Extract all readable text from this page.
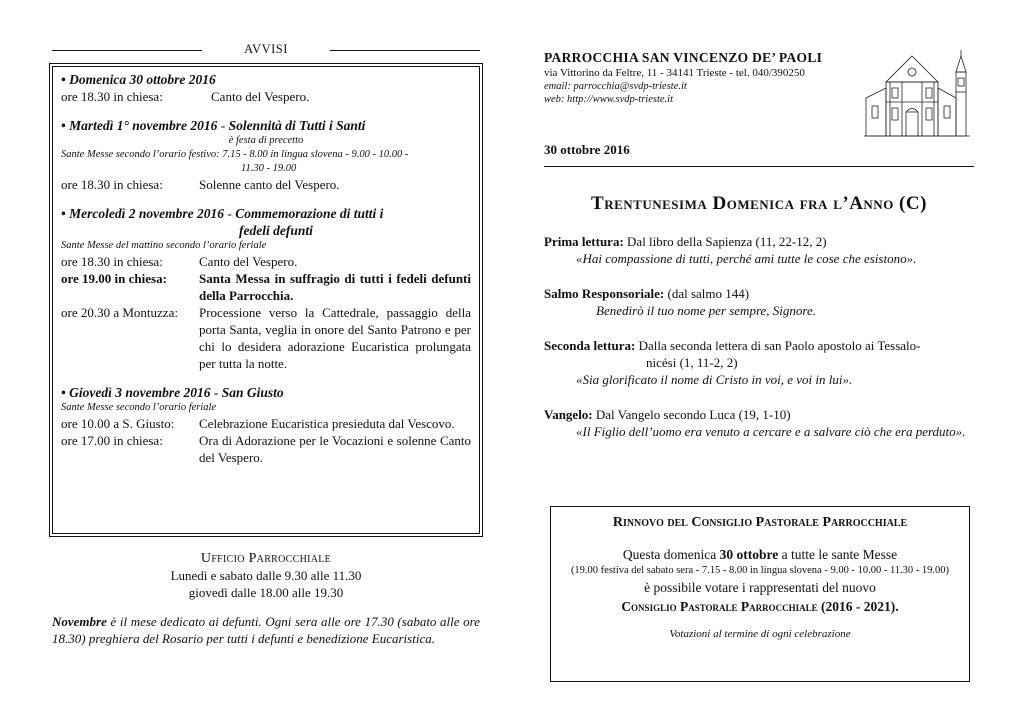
AVVISI
• Domenica 30 ottobre 2016
ore 18.30 in chiesa:	Canto del Vespero.
• Martedì 1° novembre 2016 - Solennità di Tutti i Santi
è festa di precetto
Sante Messe secondo l’orario festivo: 7.15 - 8.00 in lingua slovena - 9.00 - 10.00 -
11.30 - 19.00
ore 18.30 in chiesa:	Solenne canto del Vespero.
• Mercoledì 2 novembre 2016 - Commemorazione di tutti i
fedeli defunti
Sante Messe del mattino secondo l’orario feriale
ore 18.30 in chiesa:	Canto del Vespero.
ore 19.00 in chiesa:	Santa Messa in suffragio di tutti i fedeli defunti della Parrocchia.
ore 20.30 a Montuzza:	Processione verso la Cattedrale, passaggio della porta Santa, veglia in onore del Santo Patrono e per chi lo desidera adorazione Eucaristica prolungata per tutta la notte.
• Giovedì 3 novembre 2016 - San Giusto
Sante Messe secondo l’orario feriale
ore 10.00 a S. Giusto:	Celebrazione Eucaristica presieduta dal Vescovo.
ore 17.00 in chiesa:	Ora di Adorazione per le Vocazioni e solenne Canto del Vespero.
Ufficio Parrocchiale
Lunedì e sabato dalle 9.30 alle 11.30
giovedì dalle 18.00 alle 19.30
Novembre è il mese dedicato ai defunti. Ogni sera alle ore 17.30 (sabato alle ore 18.30) preghiera del Rosario per tutti i defunti e benedizione Eucaristica.
PARROCCHIA SAN VINCENZO DE’ PAOLI
via Vittorino da Feltre, 11 - 34141 Trieste - tel. 040/390250
email: parrocchia@svdp-trieste.it
web: http://www.svdp-trieste.it
30 ottobre 2016
Trentunesima Domenica fra l’Anno (C)
Prima lettura: Dal libro della Sapienza (11, 22-12, 2)
«Hai compassione di tutti, perché ami tutte le cose che esistono».
Salmo Responsoriale: (dal salmo 144)
Benedirò il tuo nome per sempre, Signore.
Seconda lettura: Dalla seconda lettera di san Paolo apostolo ai Tessalo-
nicési (1, 11-2, 2)
«Sia glorificato il nome di Cristo in voi, e voi in lui».
Vangelo: Dal Vangelo secondo Luca (19, 1-10)
«Il Figlio dell’uomo era venuto a cercare e a salvare ciò che era perduto».
Rinnovo del Consiglio Pastorale Parrocchiale
Questa domenica 30 ottobre a tutte le sante Messe
(19.00 festiva del sabato sera - 7.15 - 8.00 in lingua slovena - 9.00 - 10.00 - 11.30 - 19.00)
è possibile votare i rappresentati del nuovo
Consiglio Pastorale Parrocchiale (2016 - 2021).
Votazioni al termine di ogni celebrazione
